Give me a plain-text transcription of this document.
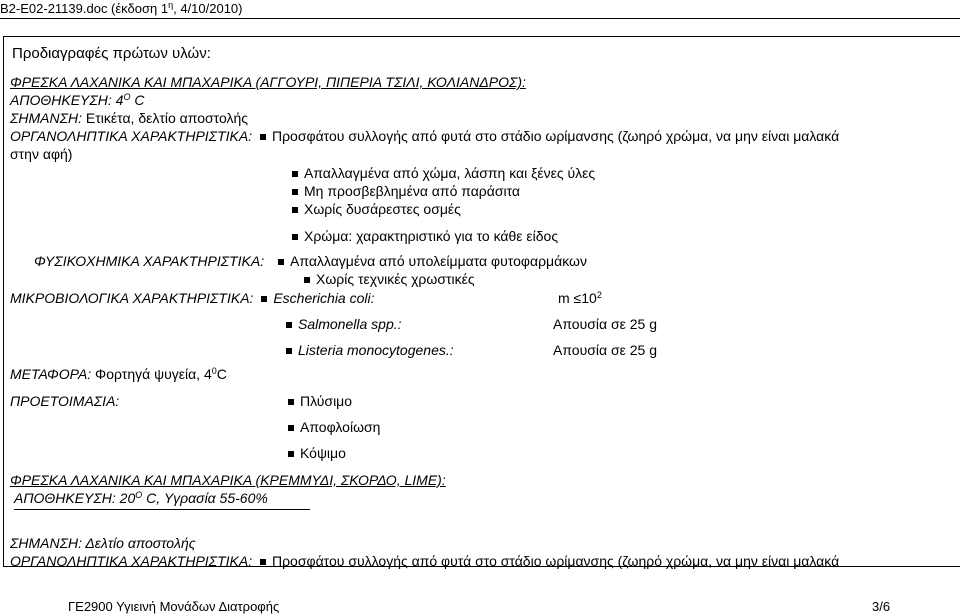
B2-E02-21139.doc (έκδοση $1^\eta$, 4/10/2010)
Προδιαγραφές πρώτων υλών:
ΦΡΕΣΚΑ ΛΑΧΑΝΙΚΑ ΚΑΙ ΜΠΑΧΑΡΙΚΑ (ΑΓΓΟΥΡΙ, ΠΙΠΕΡΙΑ ΤΣΙΛΙ, ΚΟΛΙΑΝΔΡΟΣ):
ΑΠΟΘΗΚΕΥΣΗ: $4^O$ C
ΣΗΜΑΝΣΗ: Ετικέτα, δελτίο αποστολής
ΟΡΓΑΝΟΛΗΠΤΙΚΑ ΧΑΡΑΚΤΗΡΙΣΤΙΚΑ: Προσφάτου συλλογής από φυτά στο στάδιο ωρίμανσης (ζωηρό χρώμα, να μην είναι μαλακά
στην αφή)
Απαλλαγμένα από χώμα, λάσπη και ξένες ύλες
Μη προσβεβλημένα από παράσιτα
Χωρίς δυσάρεστες οσμές
Χρώμα: χαρακτηριστικό για το κάθε είδος
ΦΥΣΙΚΟΧΗΜΙΚΑ ΧΑΡΑΚΤΗΡΙΣΤΙΚΑ: Απαλλαγμένα από υπολείμματα φυτοφαρμάκων
Χωρίς τεχνικές χρωστικές
ΜΙΚΡΟΒΙΟΛΟΓΙΚΑ ΧΑΡΑΚΤΗΡΙΣΤΙΚΑ: Escherichia coli:	$m \le 10^2$
Salmonella spp.:	Απουσία σε 25 g
Listeria monocytogenes.:	Απουσία σε 25 g
ΜΕΤΑΦΟΡΑ: Φορτηγά ψυγεία, $4^0C$
ΠΡΟΕΤΟΙΜΑΣΙΑ:	Πλύσιμο
Αποφλοίωση
Κόψιμο
ΦΡΕΣΚΑ ΛΑΧΑΝΙΚΑ ΚΑΙ ΜΠΑΧΑΡΙΚΑ (ΚΡΕΜΜΥΔΙ, ΣΚΟΡΔΟ, LIME):
ΑΠΟΘΗΚΕΥΣΗ: $20^O$ C, Υγρασία 55-60%
ΣΗΜΑΝΣΗ: Δελτίο αποστολής
ΟΡΓΑΝΟΛΗΠΤΙΚΑ ΧΑΡΑΚΤΗΡΙΣΤΙΚΑ: Προσφάτου συλλογής από φυτά στο στάδιο ωρίμανσης (ζωηρό χρώμα, να μην είναι μαλακά
ΓΕ2900 Υγιεινή Μονάδων Διατροφής	3/6
